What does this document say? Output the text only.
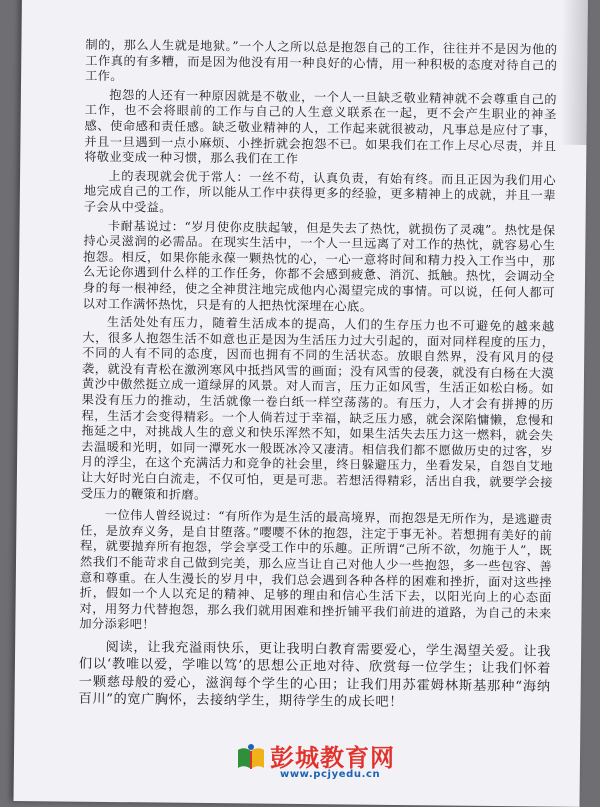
制的，那么人生就是地狱。”一个人之所以总是抱怨自己的工作，往往并不是因为他的工作真的有多糟，而是因为他没有用一种良好的心情，用一种积极的态度对待自己的工作。

抱怨的人还有一种原因就是不敬业，一个人一旦缺乏敬业精神就不会尊重自己的工作，也不会将眼前的工作与自己的人生意义联系在一起，更不会产生职业的神圣感、使命感和责任感。缺乏敬业精神的人，工作起来就很被动，凡事总是应付了事，并且一旦遇到一点小麻烦、小挫折就会抱怨不已。如果我们在工作上尽心尽责，并且将敬业变成一种习惯，那么我们在工作

上的表现就会优于常人：一丝不苟，认真负责，有始有终。而且正因为我们用心地完成自己的工作，所以能从工作中获得更多的经验，更多精神上的成就，并且一辈子会从中受益。

卡耐基说过：“岁月使你皮肤起皱，但是失去了热忱，就损伤了灵魂”。热忱是保持心灵滋润的必需品。在现实生活中，一个人一旦远离了对工作的热忱，就容易心生抱怨。相反，如果你能永葆一颗热忱的心，一心一意将时间和精力投入工作当中，那么无论你遇到什么样的工作任务，你都不会感到疲惫、消沉、抵触。热忱，会调动全身的每一根神经，使之全神贯注地完成他内心渴望完成的事情。可以说，任何人都可以对工作满怀热忱，只是有的人把热忱深埋在心底。

生活处处有压力，随着生活成本的提高，人们的生存压力也不可避免的越来越大，很多人抱怨生活不如意也正是因为生活压力过大引起的，面对同样程度的压力，不同的人有不同的态度，因而也拥有不同的生活状态。放眼自然界，没有风月的侵袭，就没有青松在激洌寒风中抵挡风雪的画面；没有风雪的侵袭，就没有白杨在大漠黄沙中傲然挺立成一道绿屏的风景。对人而言，压力正如风雪，生活正如松白杨。如果没有压力的推动，生活就像一卷白纸一样空荡荡的。有压力，人才会有拼搏的历程，生活才会变得精彩。一个人倘若过于幸福，缺乏压力感，就会深陷慵懒，怠慢和拖延之中，对挑战人生的意义和快乐浑然不知，如果生活失去压力这一燃料，就会失去温暖和光明，如同一潭死水一般既冰冷又凄清。相信我们都不愿做历史的过客，岁月的浮尘，在这个充满活力和竞争的社会里，终日躲避压力，坐看发呆，自怨自艾地让大好时光白白流走，不仅可怕，更是可悲。若想活得精彩，活出自我，就要学会接受压力的鞭策和折磨。

一位伟人曾经说过：“有所作为是生活的最高境界，而抱怨是无所作为，是逃避责任，是放弃义务，是自甘堕落。”嘤嘤不休的抱怨，注定于事无补。若想拥有美好的前程，就要抛弃所有抱怨，学会享受工作中的乐趣。正所谓“己所不欲，勿施于人”，既然我们不能苛求自己做到完美，那么应当让自己对他人少一些抱怨，多一些包容、善意和尊重。在人生漫长的岁月中，我们总会遇到各种各样的困难和挫折，面对这些挫折，假如一个人以充足的精神、足够的理由和信心生活下去，以阳光向上的心态面对，用努力代替抱怨，那么我们就用困难和挫折铺平我们前进的道路，为自己的未来加分添彩吧！

阅读，让我充溢雨快乐，更让我明白教育需要爱心，学生渴望关爱。让我们以‘教唯以爱，学唯以笃’的思想公正地对待、欣赏每一位学生；让我们怀着一颗慈母般的爱心，滋润每个学生的心田；让我们用苏霍姆林斯基那种“海纳百川”的宽广胸怀，去接纳学生，期待学生的成长吧！

彭城教育网
www.pcjyedu.cn
